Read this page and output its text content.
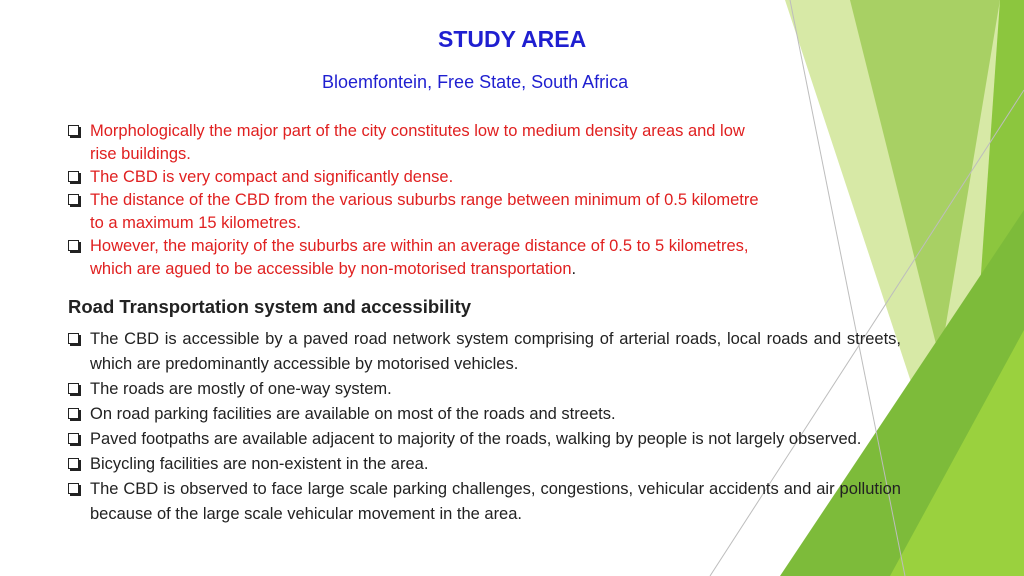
STUDY AREA

Bloemfontein, Free State, South Africa

Morphologically the major part of the city constitutes low to medium density areas and low rise buildings.
The CBD is very compact and significantly dense.
The distance of the CBD from the various suburbs range between minimum of 0.5 kilometre to a maximum 15 kilometres.
However, the majority of the suburbs are within an average distance of 0.5 to 5 kilometres, which are agued to be accessible by non-motorised transportation.
Road Transportation system and accessibility
The CBD is accessible by a paved road network system comprising of arterial roads, local roads and streets, which are predominantly accessible by motorised vehicles.
The roads are mostly of one-way system.
On road parking facilities are available on most of the roads and streets.
Paved footpaths are available adjacent to majority of the roads, walking by people is not largely observed.
Bicycling facilities are non-existent in the area.
The CBD is observed to face large scale parking challenges, congestions, vehicular accidents and air pollution because of the large scale vehicular movement in the area.
